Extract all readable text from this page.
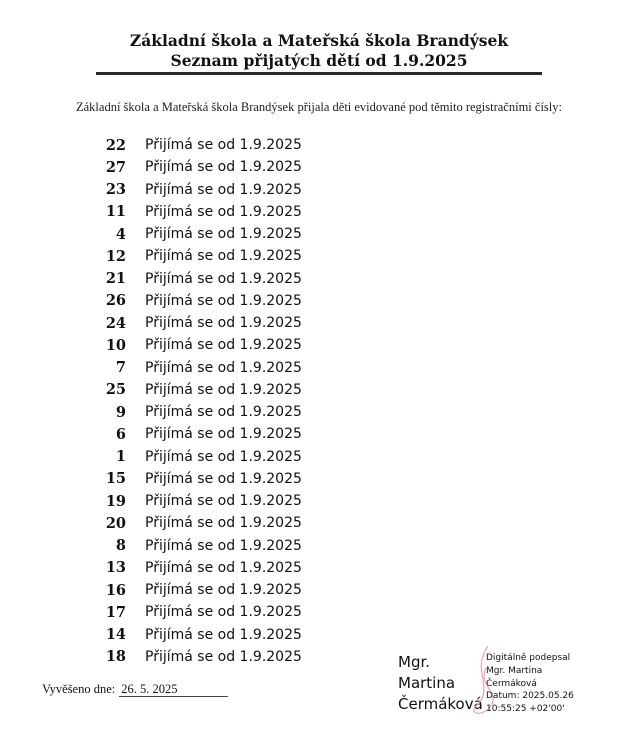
Základní škola a Mateřská škola Brandýsek
Seznam přijatých dětí od 1.9.2025
Základní škola a Mateřská škola Brandýsek přijala děti evidované pod těmito registračními čísly:
22 Přijímá se od 1.9.2025
27 Přijímá se od 1.9.2025
23 Přijímá se od 1.9.2025
11 Přijímá se od 1.9.2025
4 Přijímá se od 1.9.2025
12 Přijímá se od 1.9.2025
21 Přijímá se od 1.9.2025
26 Přijímá se od 1.9.2025
24 Přijímá se od 1.9.2025
10 Přijímá se od 1.9.2025
7 Přijímá se od 1.9.2025
25 Přijímá se od 1.9.2025
9 Přijímá se od 1.9.2025
6 Přijímá se od 1.9.2025
1 Přijímá se od 1.9.2025
15 Přijímá se od 1.9.2025
19 Přijímá se od 1.9.2025
20 Přijímá se od 1.9.2025
8 Přijímá se od 1.9.2025
13 Přijímá se od 1.9.2025
16 Přijímá se od 1.9.2025
17 Přijímá se od 1.9.2025
14 Přijímá se od 1.9.2025
18 Přijímá se od 1.9.2025
Vyvěšeno dne: 26. 5. 2025
Mgr.
Martina
Čermáková
Digitálně podepsal
Mgr. Martina
Čermáková
Datum: 2025.05.26
10:55:25 +02'00'
